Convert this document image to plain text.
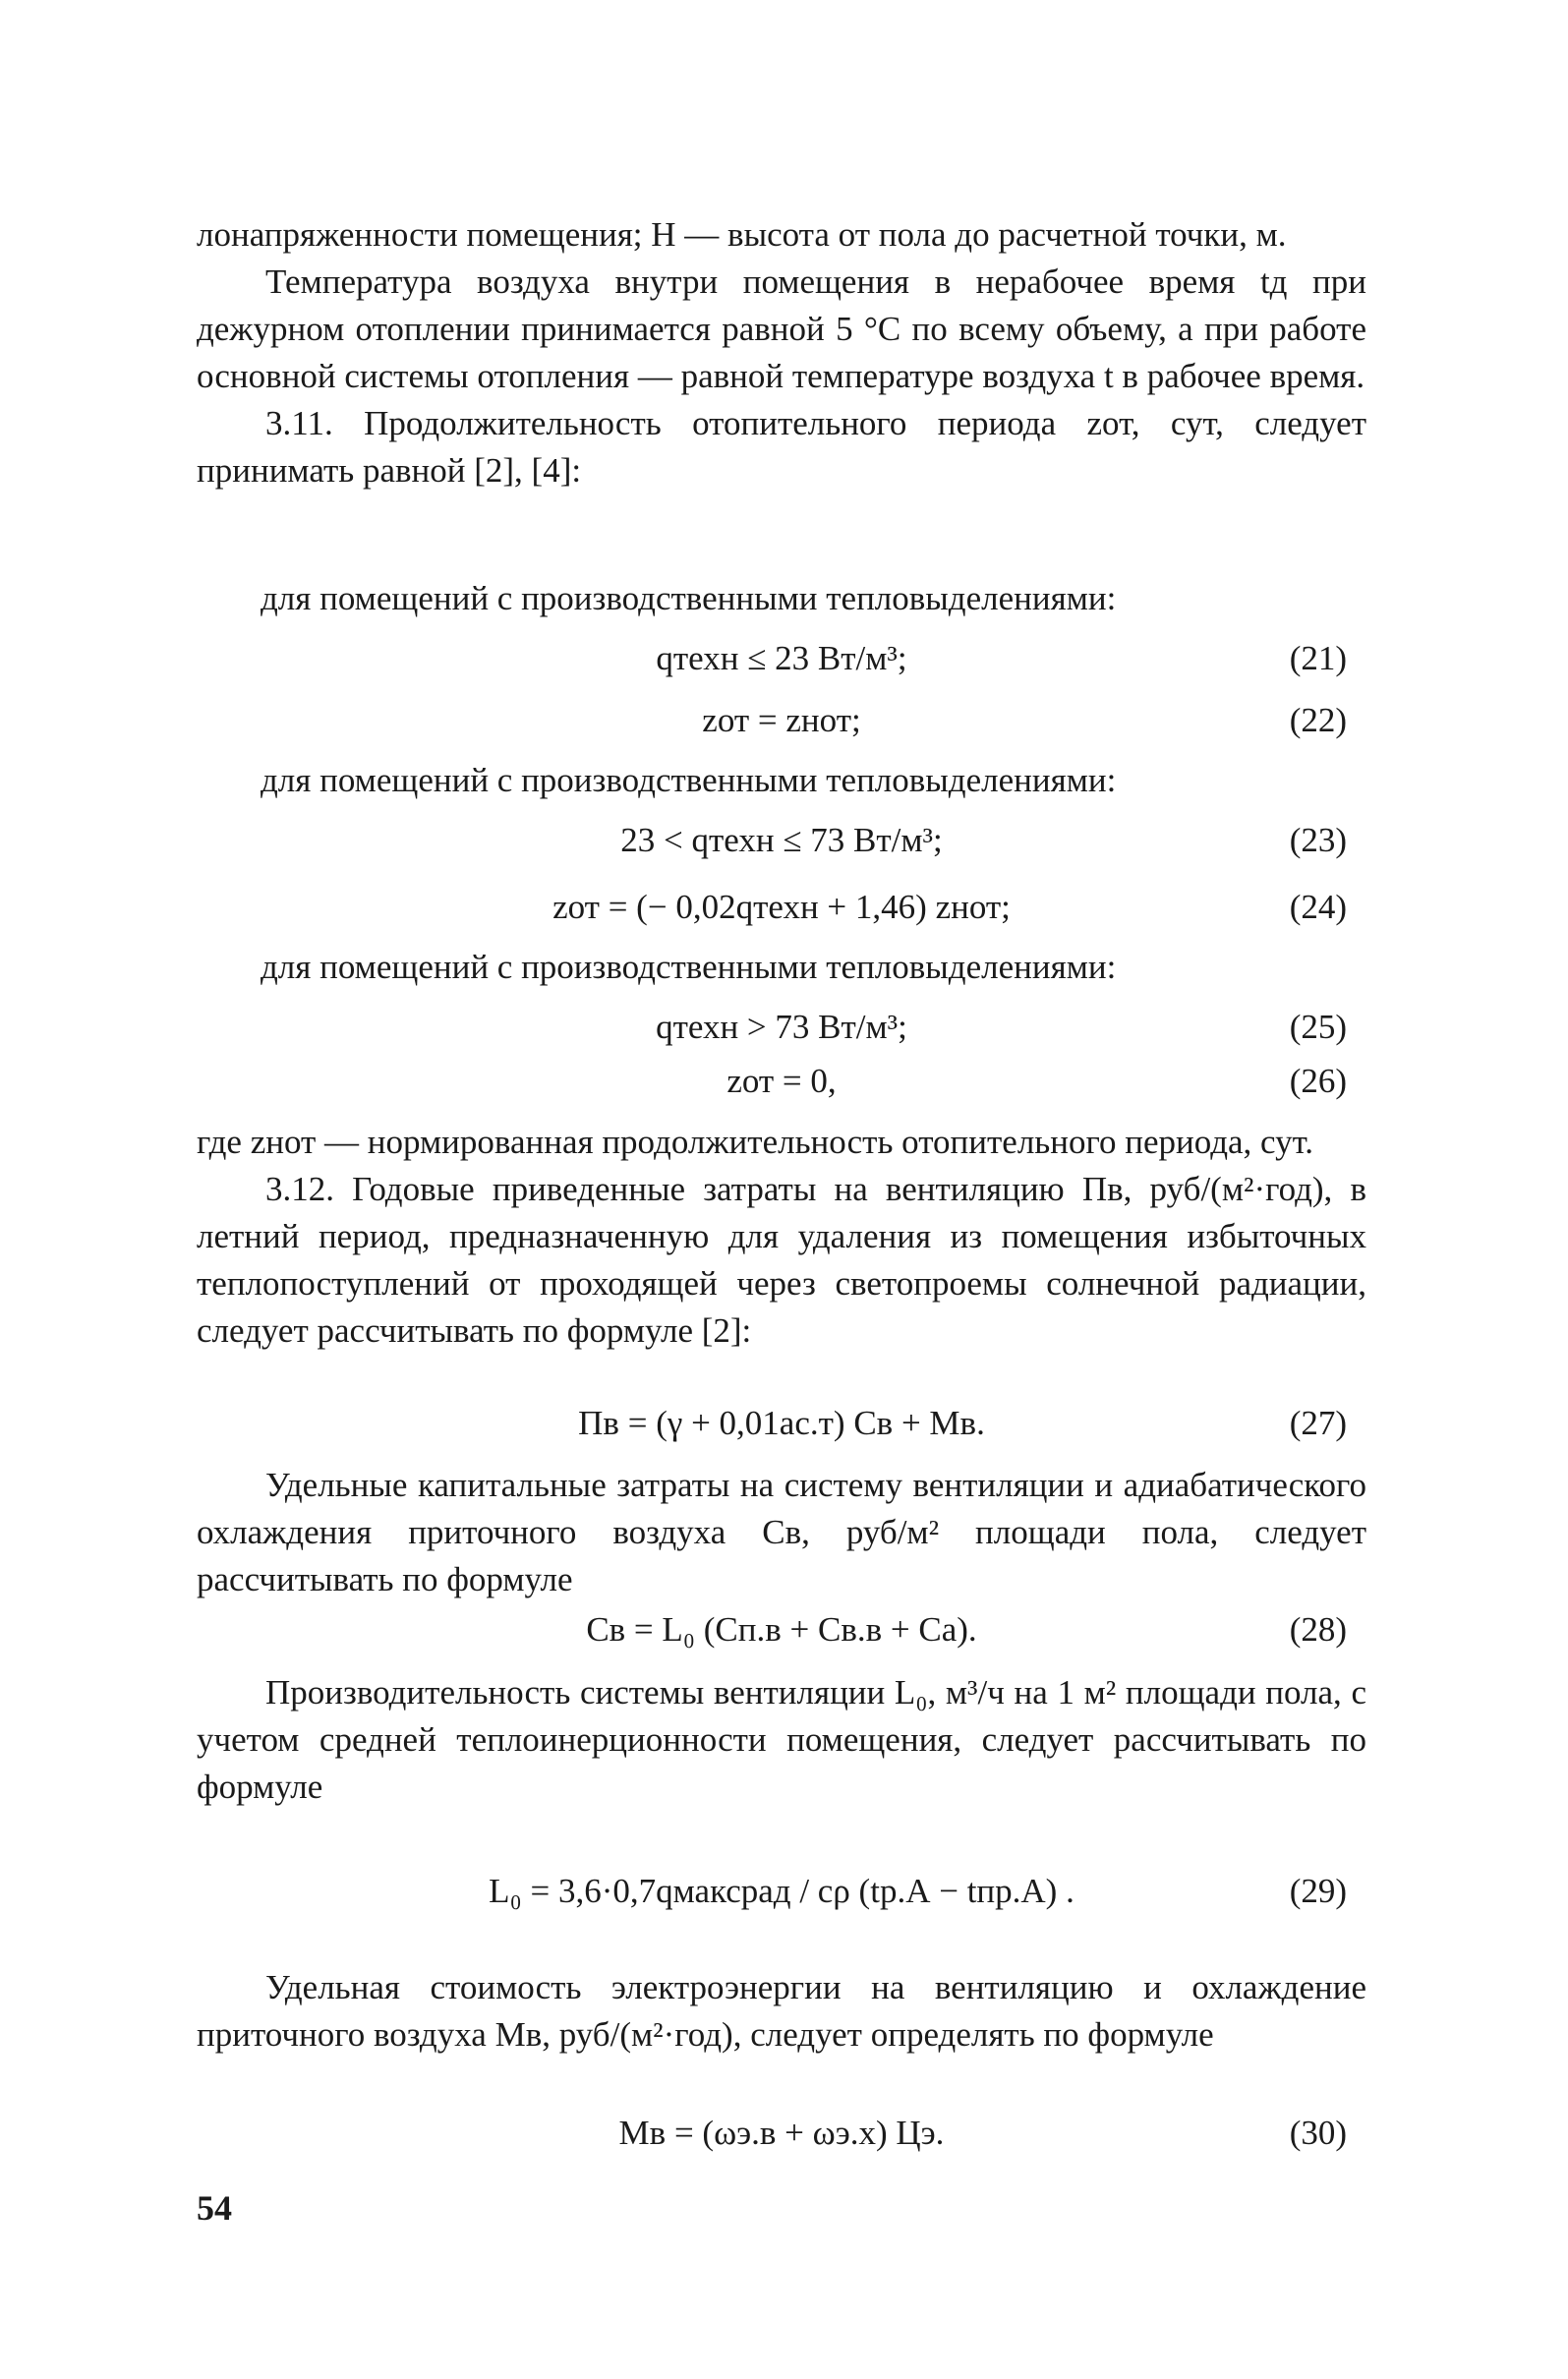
лонапряженности помещения; Н — высота от пола до расчетной точки, м.

Температура воздуха внутри помещения в нерабочее время tд при дежурном отоплении принимается равной 5 °С по всему объему, а при работе основной системы отопления — равной температуре воздуха t в рабочее время.

3.11. Продолжительность отопительного периода zот, сут, следует принимать равной [2], [4]:

для помещений с производственными тепловыделениями:
qтехн ≤ 23 Вт/м³;	(21)
zот = zнот;	(22)
для помещений с производственными тепловыделениями:
23 < qтехн ≤ 73 Вт/м³;	(23)
zот = (− 0,02qтехн + 1,46) zнот;	(24)
для помещений с производственными тепловыделениями:
qтехн > 73 Вт/м³;	(25)
zот = 0,	(26)

где zнот — нормированная продолжительность отопительного периода, сут.

3.12. Годовые приведенные затраты на вентиляцию Пв, руб/(м²·год), в летний период, предназначенную для удаления из помещения избыточных теплопоступлений от проходящей через светопроемы солнечной радиации, следует рассчитывать по формуле [2]:

Пв = (γ + 0,01aс.т) Св + Мв.	(27)

Удельные капитальные затраты на систему вентиляции и адиабатического охлаждения приточного воздуха Св, руб/м² площади пола, следует рассчитывать по формуле

Св = L₀ (Сп.в + Св.в + Са).	(28)

Производительность системы вентиляции L₀, м³/ч на 1 м² площади пола, с учетом средней теплоинерционности помещения, следует рассчитывать по формуле

L₀ = 3,6·0,7qмаксрад / cρ (tр.А − tпр.А) .	(29)

Удельная стоимость электроэнергии на вентиляцию и охлаждение приточного воздуха Мв, руб/(м²·год), следует определять по формуле

Мв = (ωэ.в + ωэ.х) Цэ.	(30)
54
